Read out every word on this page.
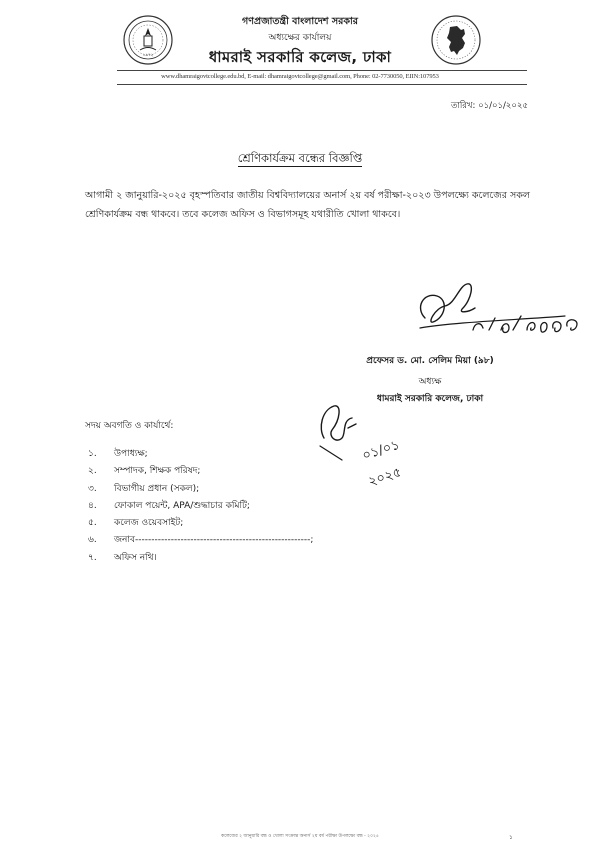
১৯৭২
গণপ্রজাতন্ত্রী বাংলাদেশ সরকার
অধ্যক্ষের কার্যালয়
ধামরাই সরকারি কলেজ, ঢাকা
www.dhamraigovtcollege.edu.bd, E-mail: dhamraigovtcollege@gmail.com, Phone: 02-7730050, EIIN:107953
তারিখ: ০১/০১/২০২৫
শ্রেণিকার্যক্রম বন্ধের বিজ্ঞপ্তি
আগামী ২ জানুয়ারি-২০২৫ বৃহস্পতিবার জাতীয় বিশ্ববিদ্যালয়ের অনার্স ২য় বর্ষ পরীক্ষা-২০২৩ উপলক্ষ্যে কলেজের সকল শ্রেণিকার্যক্রম বন্ধ থাকবে। তবে কলেজ অফিস ও বিভাগসমূহ যথারীতি খোলা থাকবে।
প্রফেসর ড. মো. সেলিম মিয়া (৯৮)
অধ্যক্ষ
ধামরাই সরকারি কলেজ, ঢাকা
সদয় অবগতি ও কার্যার্থে:
১. উপাধ্যক্ষ;
২. সম্পাদক, শিক্ষক পরিষদ;
৩. বিভাগীয় প্রধান (সকল);
৪. ফোকাল পয়েন্ট, APA/শুদ্ধাচার কমিটি;
৫. কলেজ ওয়েবসাইট;
৬. জনাব------------------------------------------------------;
৭. অফিস নথি।
০১/০১
২০২৫
কলেজের ২ জানুয়ারি বন্ধ ও খোলা সংক্রান্ত অনার্স ২য় বর্ষ পরীক্ষা উপলক্ষ্যে বন্ধ - ২০২৫	১
